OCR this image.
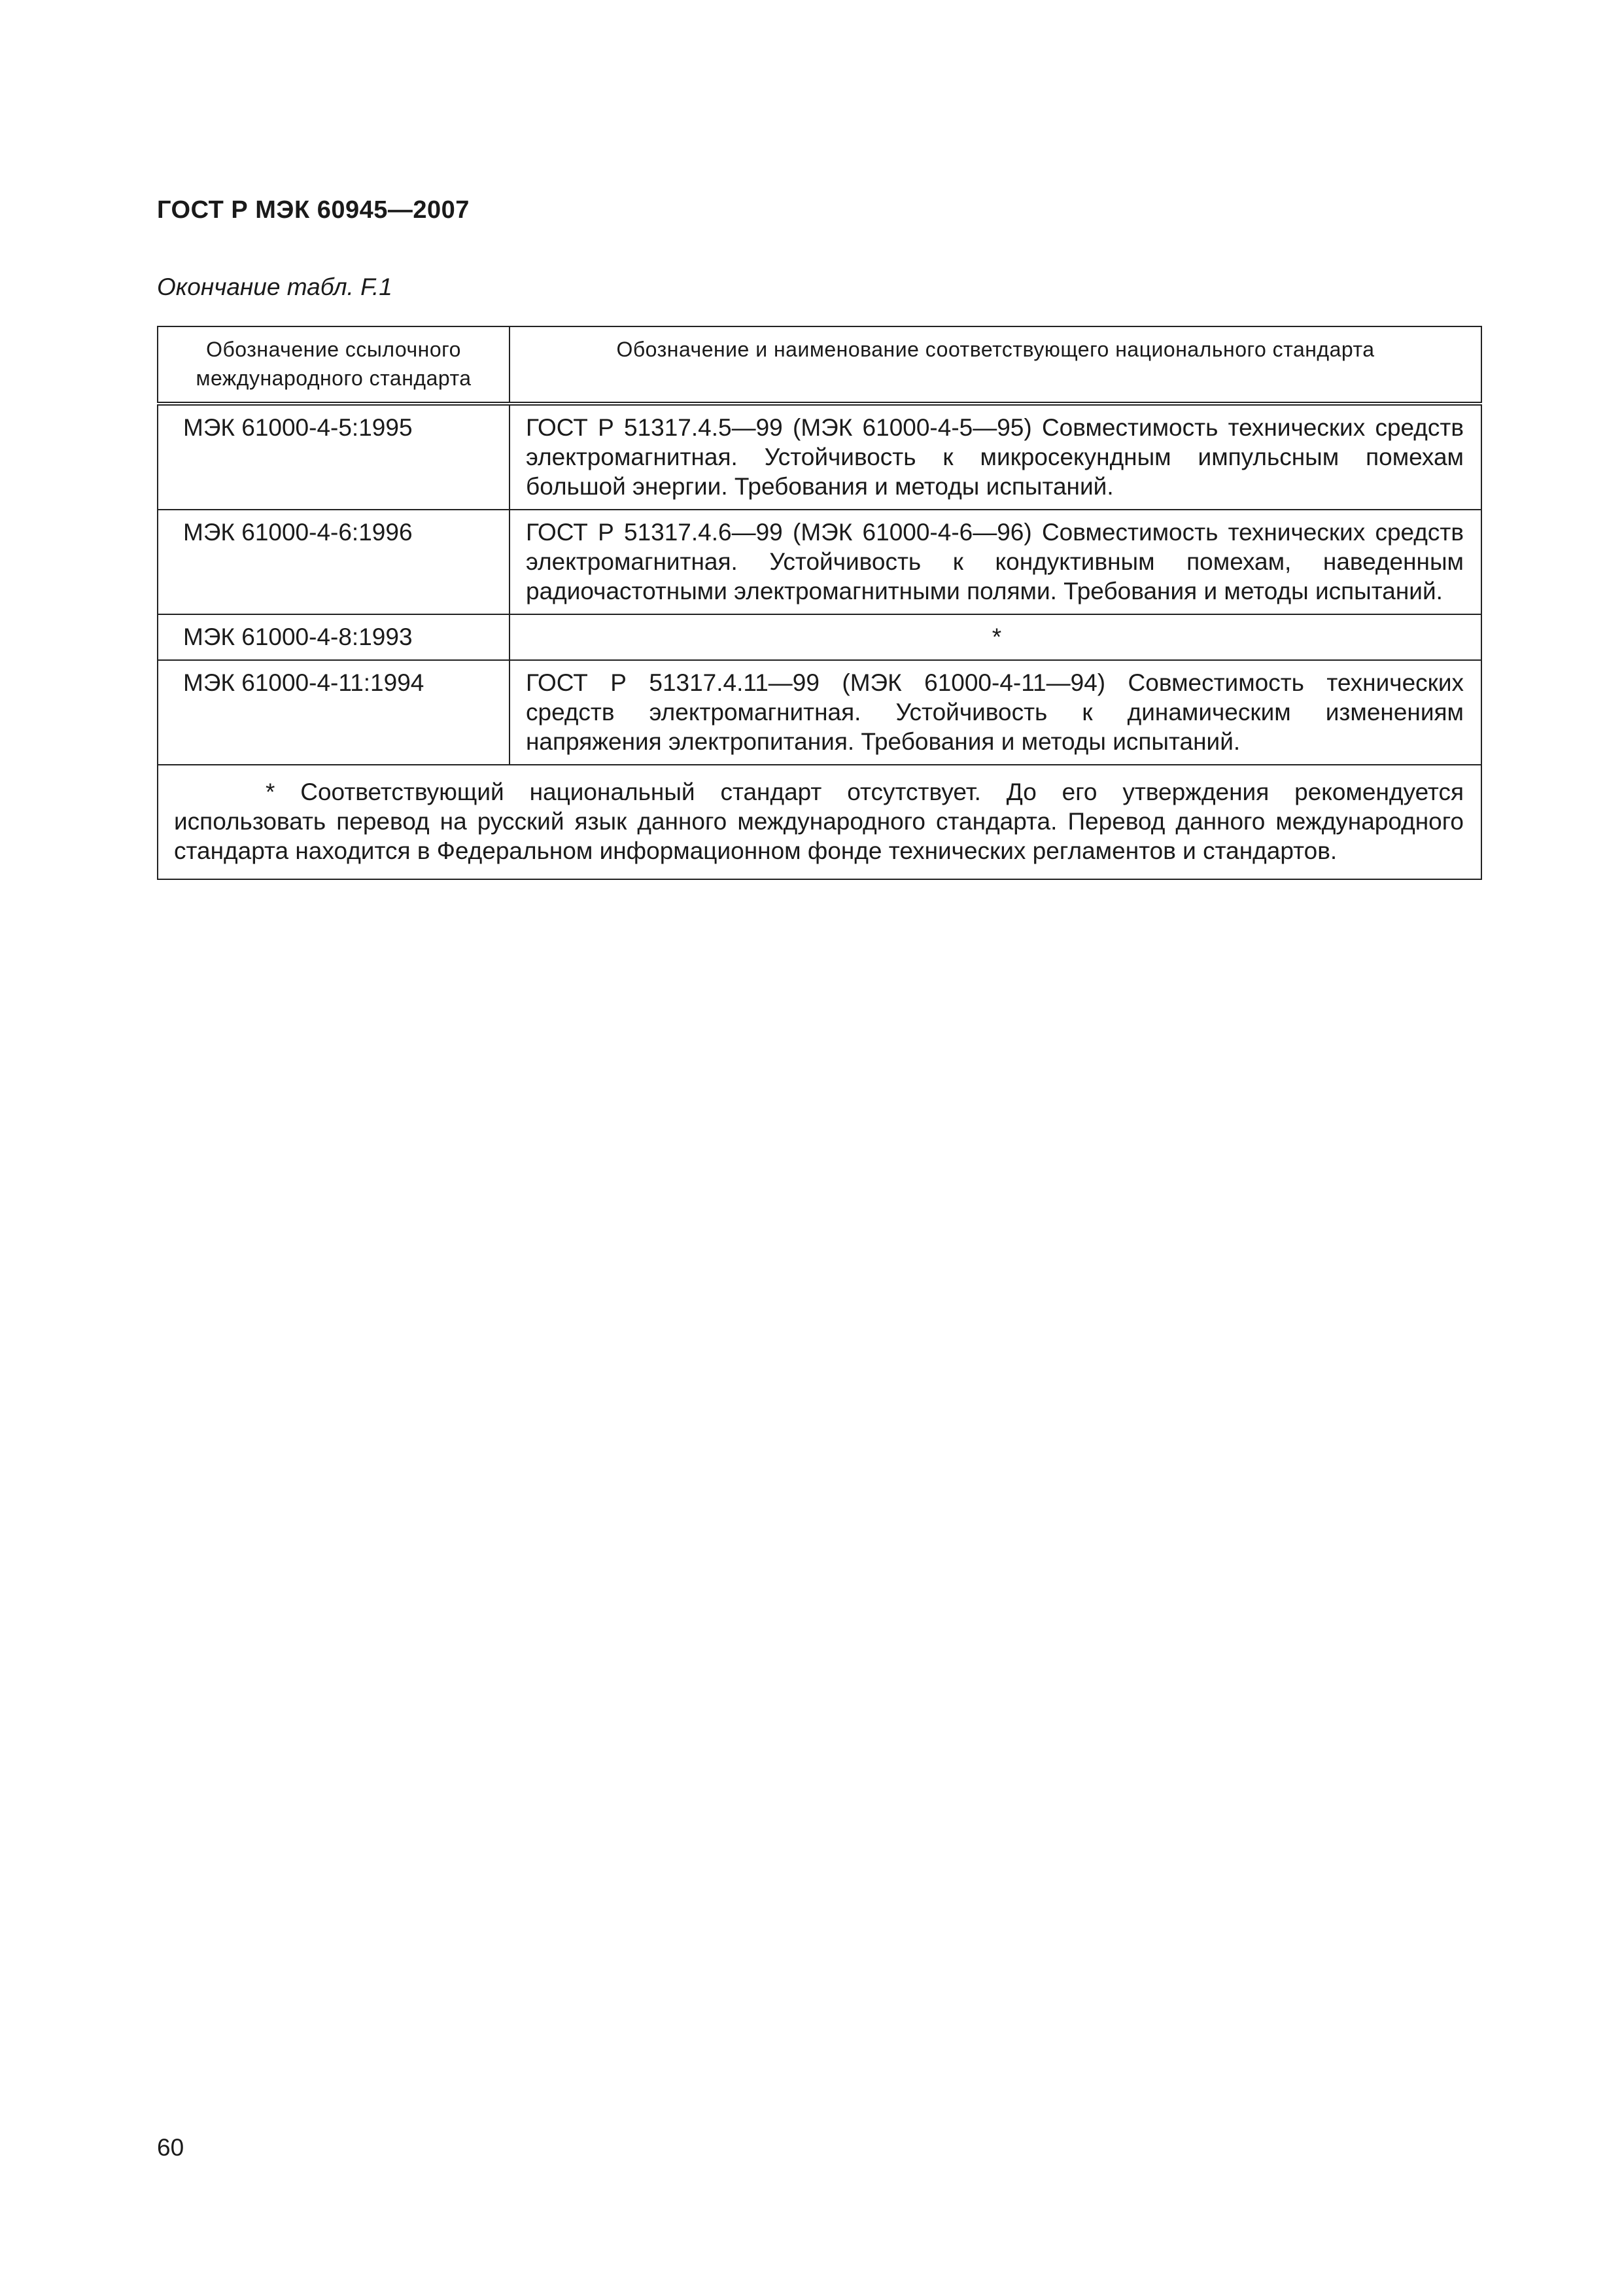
ГОСТ Р МЭК 60945—2007
Окончание табл. F.1
Обозначение ссылочного международного стандарта	Обозначение и наименование соответствующего национального стандарта
МЭК 61000-4-5:1995	ГОСТ Р 51317.4.5—99 (МЭК 61000-4-5—95) Совместимость технических средств электромагнитная. Устойчивость к микросекундным импульсным помехам большой энергии. Требования и методы испытаний.
МЭК 61000-4-6:1996	ГОСТ Р 51317.4.6—99 (МЭК 61000-4-6—96) Совместимость технических средств электромагнитная. Устойчивость к кондуктивным помехам, наведенным радиочастотными электромагнитными полями. Требования и методы испытаний.
МЭК 61000-4-8:1993	*
МЭК 61000-4-11:1994	ГОСТ Р 51317.4.11—99 (МЭК 61000-4-11—94) Совместимость технических средств электромагнитная. Устойчивость к динамическим изменениям напряжения электропитания. Требования и методы испытаний.
* Соответствующий национальный стандарт отсутствует. До его утверждения рекомендуется использовать перевод на русский язык данного международного стандарта. Перевод данного международного стандарта находится в Федеральном информационном фонде технических регламентов и стандартов.	
60
